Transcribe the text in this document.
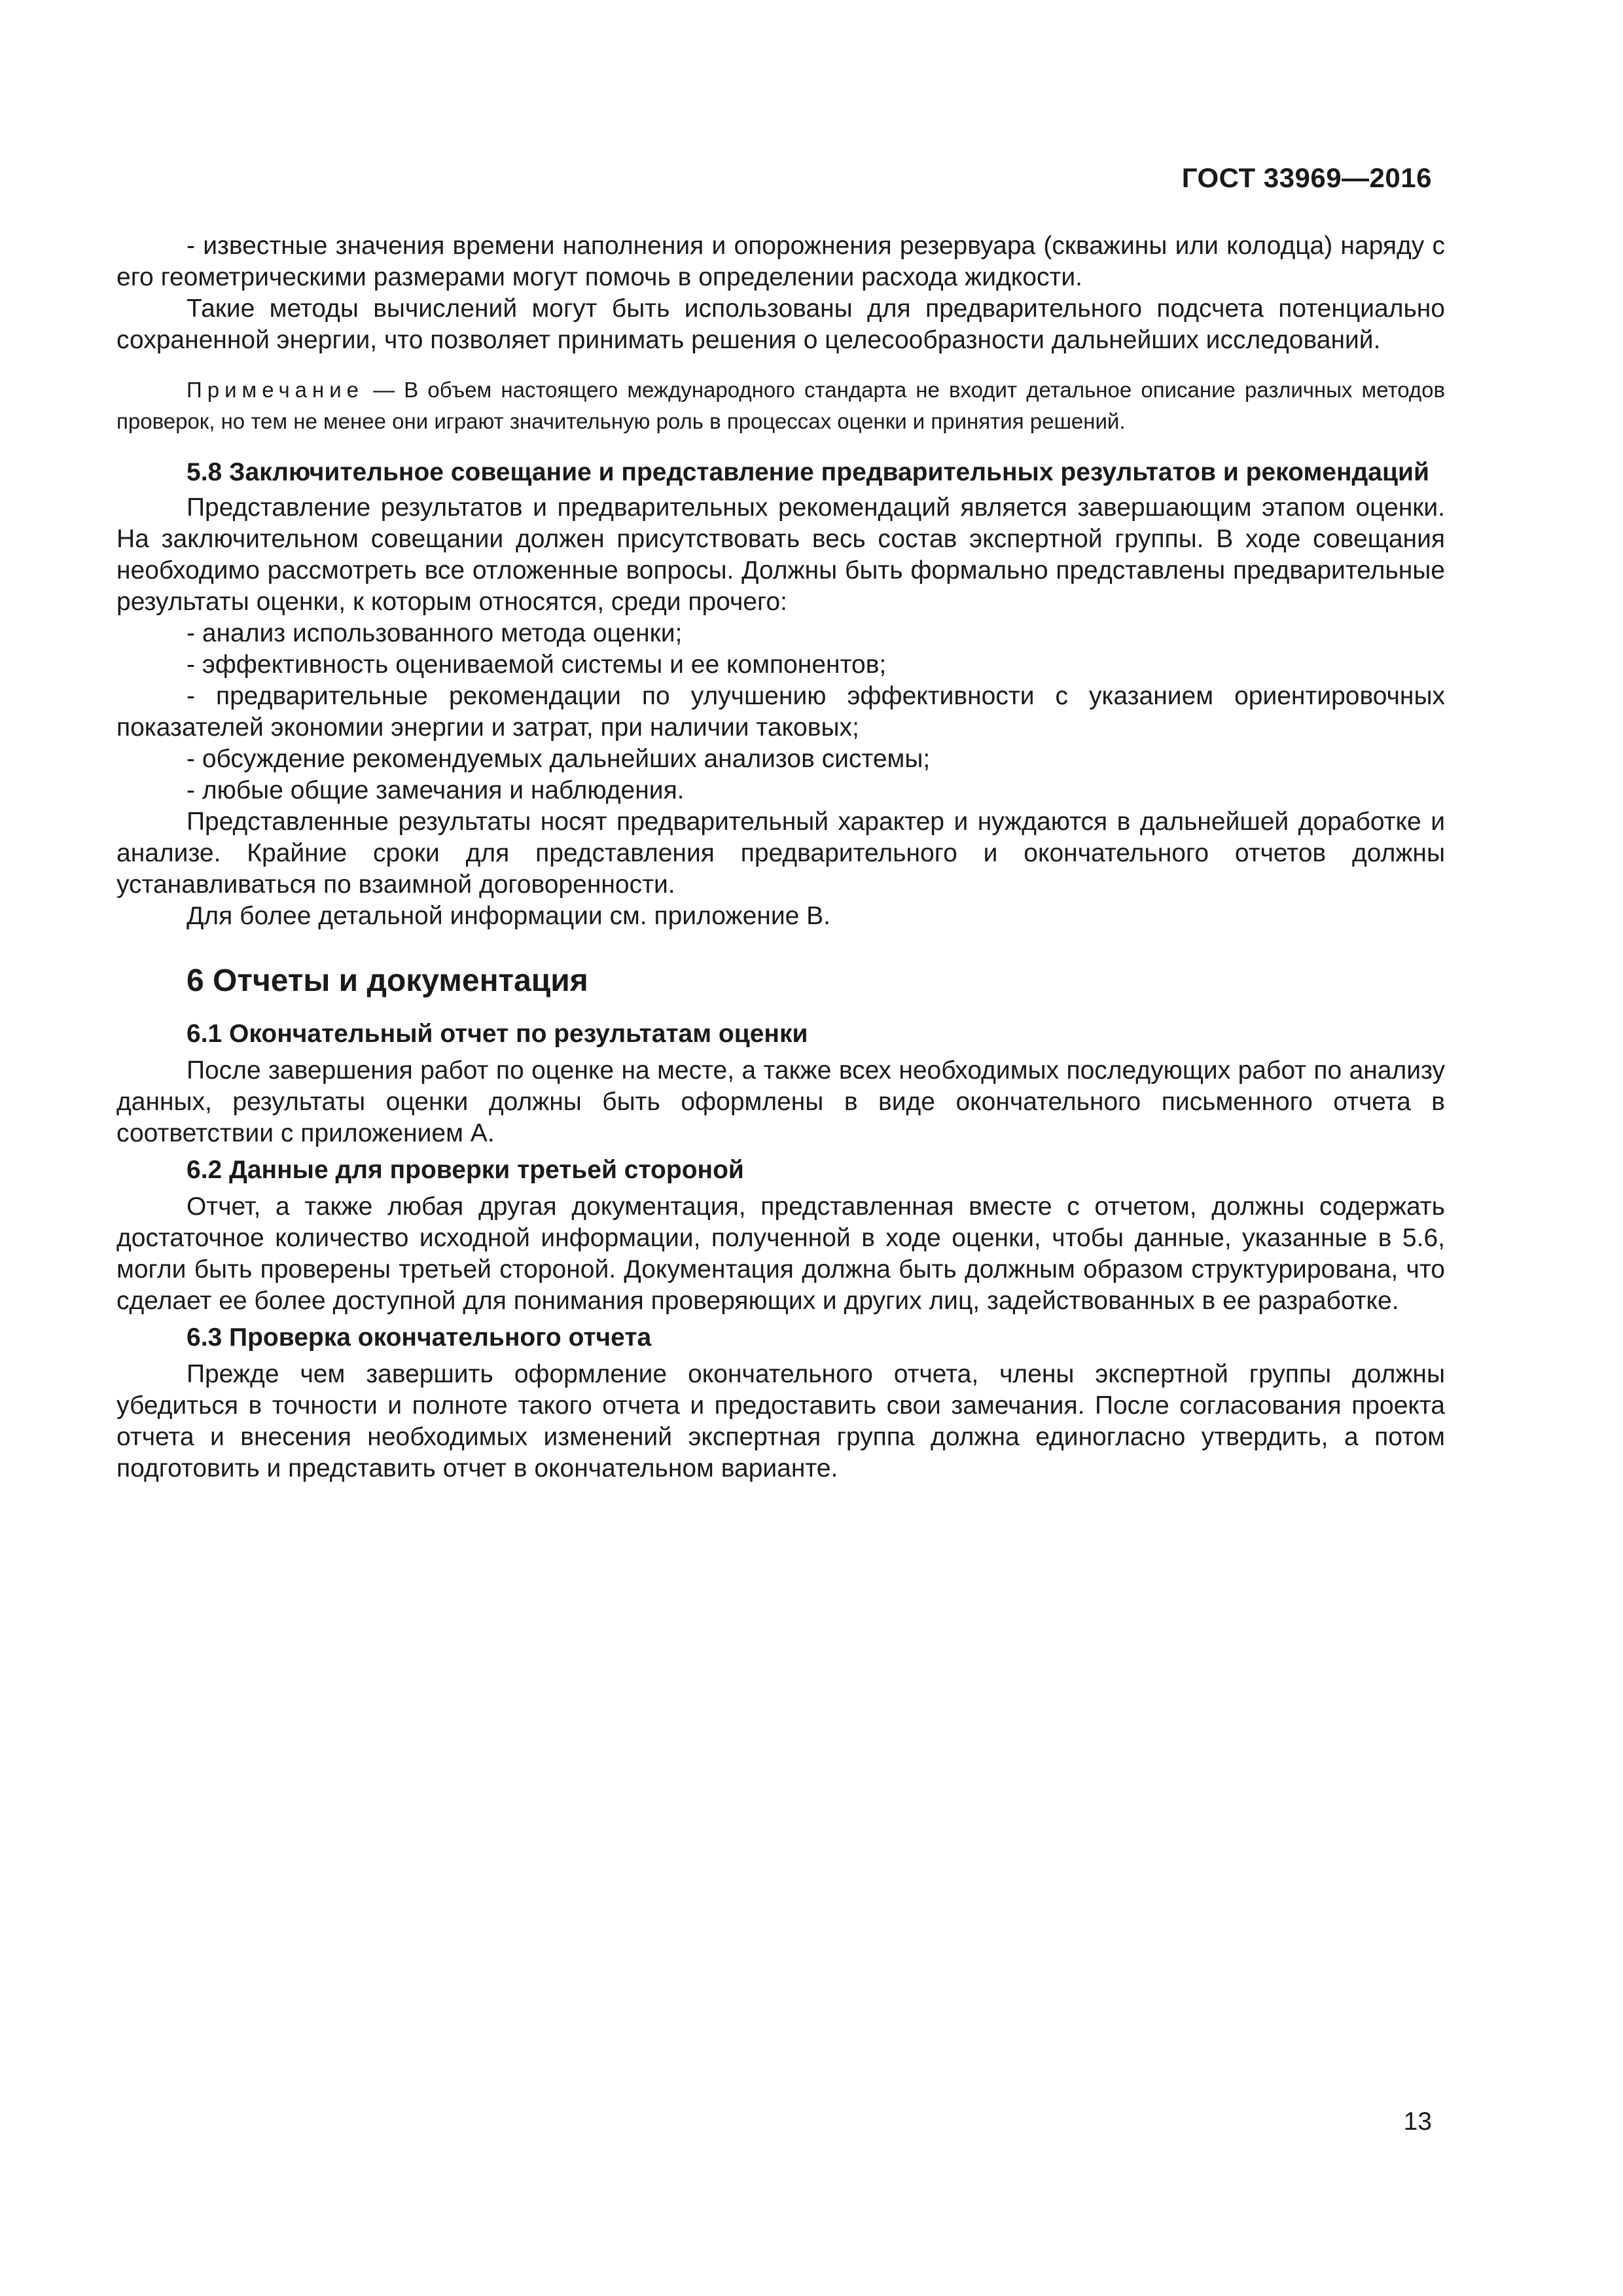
ГОСТ 33969—2016

- известные значения времени наполнения и опорожнения резервуара (скважины или колодца) наряду с его геометрическими размерами могут помочь в определении расхода жидкости.

Такие методы вычислений могут быть использованы для предварительного подсчета потенциально сохраненной энергии, что позволяет принимать решения о целесообразности дальнейших исследований.

Примечание — В объем настоящего международного стандарта не входит детальное описание различных методов проверок, но тем не менее они играют значительную роль в процессах оценки и принятия решений.
5.8 Заключительное совещание и представление предварительных результатов и рекомендаций

Представление результатов и предварительных рекомендаций является завершающим этапом оценки. На заключительном совещании должен присутствовать весь состав экспертной группы. В ходе совещания необходимо рассмотреть все отложенные вопросы. Должны быть формально представлены предварительные результаты оценки, к которым относятся, среди прочего:

- анализ использованного метода оценки;

- эффективность оцениваемой системы и ее компонентов;

- предварительные рекомендации по улучшению эффективности с указанием ориентировочных показателей экономии энергии и затрат, при наличии таковых;

- обсуждение рекомендуемых дальнейших анализов системы;

- любые общие замечания и наблюдения.

Представленные результаты носят предварительный характер и нуждаются в дальнейшей доработке и анализе. Крайние сроки для представления предварительного и окончательного отчетов должны устанавливаться по взаимной договоренности.

Для более детальной информации см. приложение В.

6 Отчеты и документация
6.1 Окончательный отчет по результатам оценки

После завершения работ по оценке на месте, а также всех необходимых последующих работ по анализу данных, результаты оценки должны быть оформлены в виде окончательного письменного отчета в соответствии с приложением А.

6.2 Данные для проверки третьей стороной

Отчет, а также любая другая документация, представленная вместе с отчетом, должны содержать достаточное количество исходной информации, полученной в ходе оценки, чтобы данные, указанные в 5.6, могли быть проверены третьей стороной. Документация должна быть должным образом структурирована, что сделает ее более доступной для понимания проверяющих и других лиц, задействованных в ее разработке.

6.3 Проверка окончательного отчета

Прежде чем завершить оформление окончательного отчета, члены экспертной группы должны убедиться в точности и полноте такого отчета и предоставить свои замечания. После согласования проекта отчета и внесения необходимых изменений экспертная группа должна единогласно утвердить, а потом подготовить и представить отчет в окончательном варианте.

13
